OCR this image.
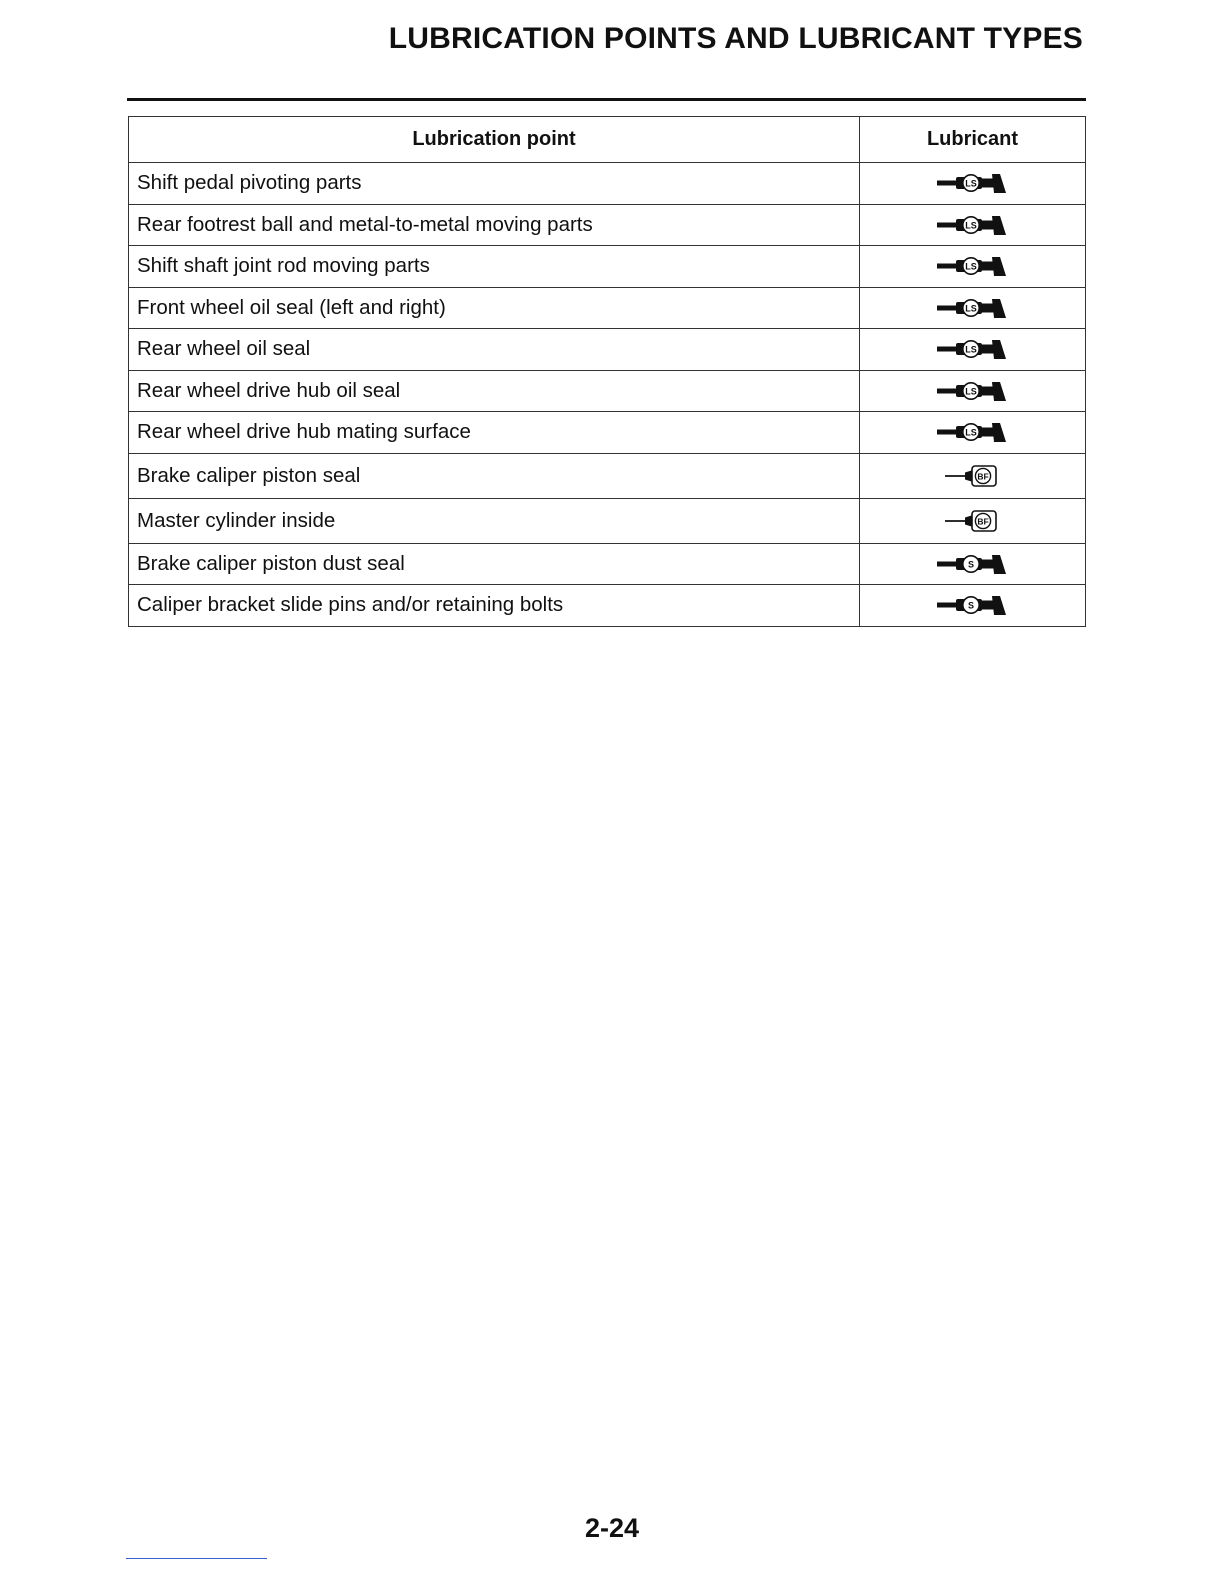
LUBRICATION POINTS AND LUBRICANT TYPES
Lubrication point	Lubricant
Shift pedal pivoting parts	LS

Rear footrest ball and metal-to-metal moving parts	LS

Shift shaft joint rod moving parts	LS

Front wheel oil seal (left and right)	LS

Rear wheel oil seal	LS

Rear wheel drive hub oil seal	LS

Rear wheel drive hub mating surface	LS

Brake caliper piston seal	BF

Master cylinder inside	BF

Brake caliper piston dust seal	S

Caliper bracket slide pins and/or retaining bolts	S
2-24
